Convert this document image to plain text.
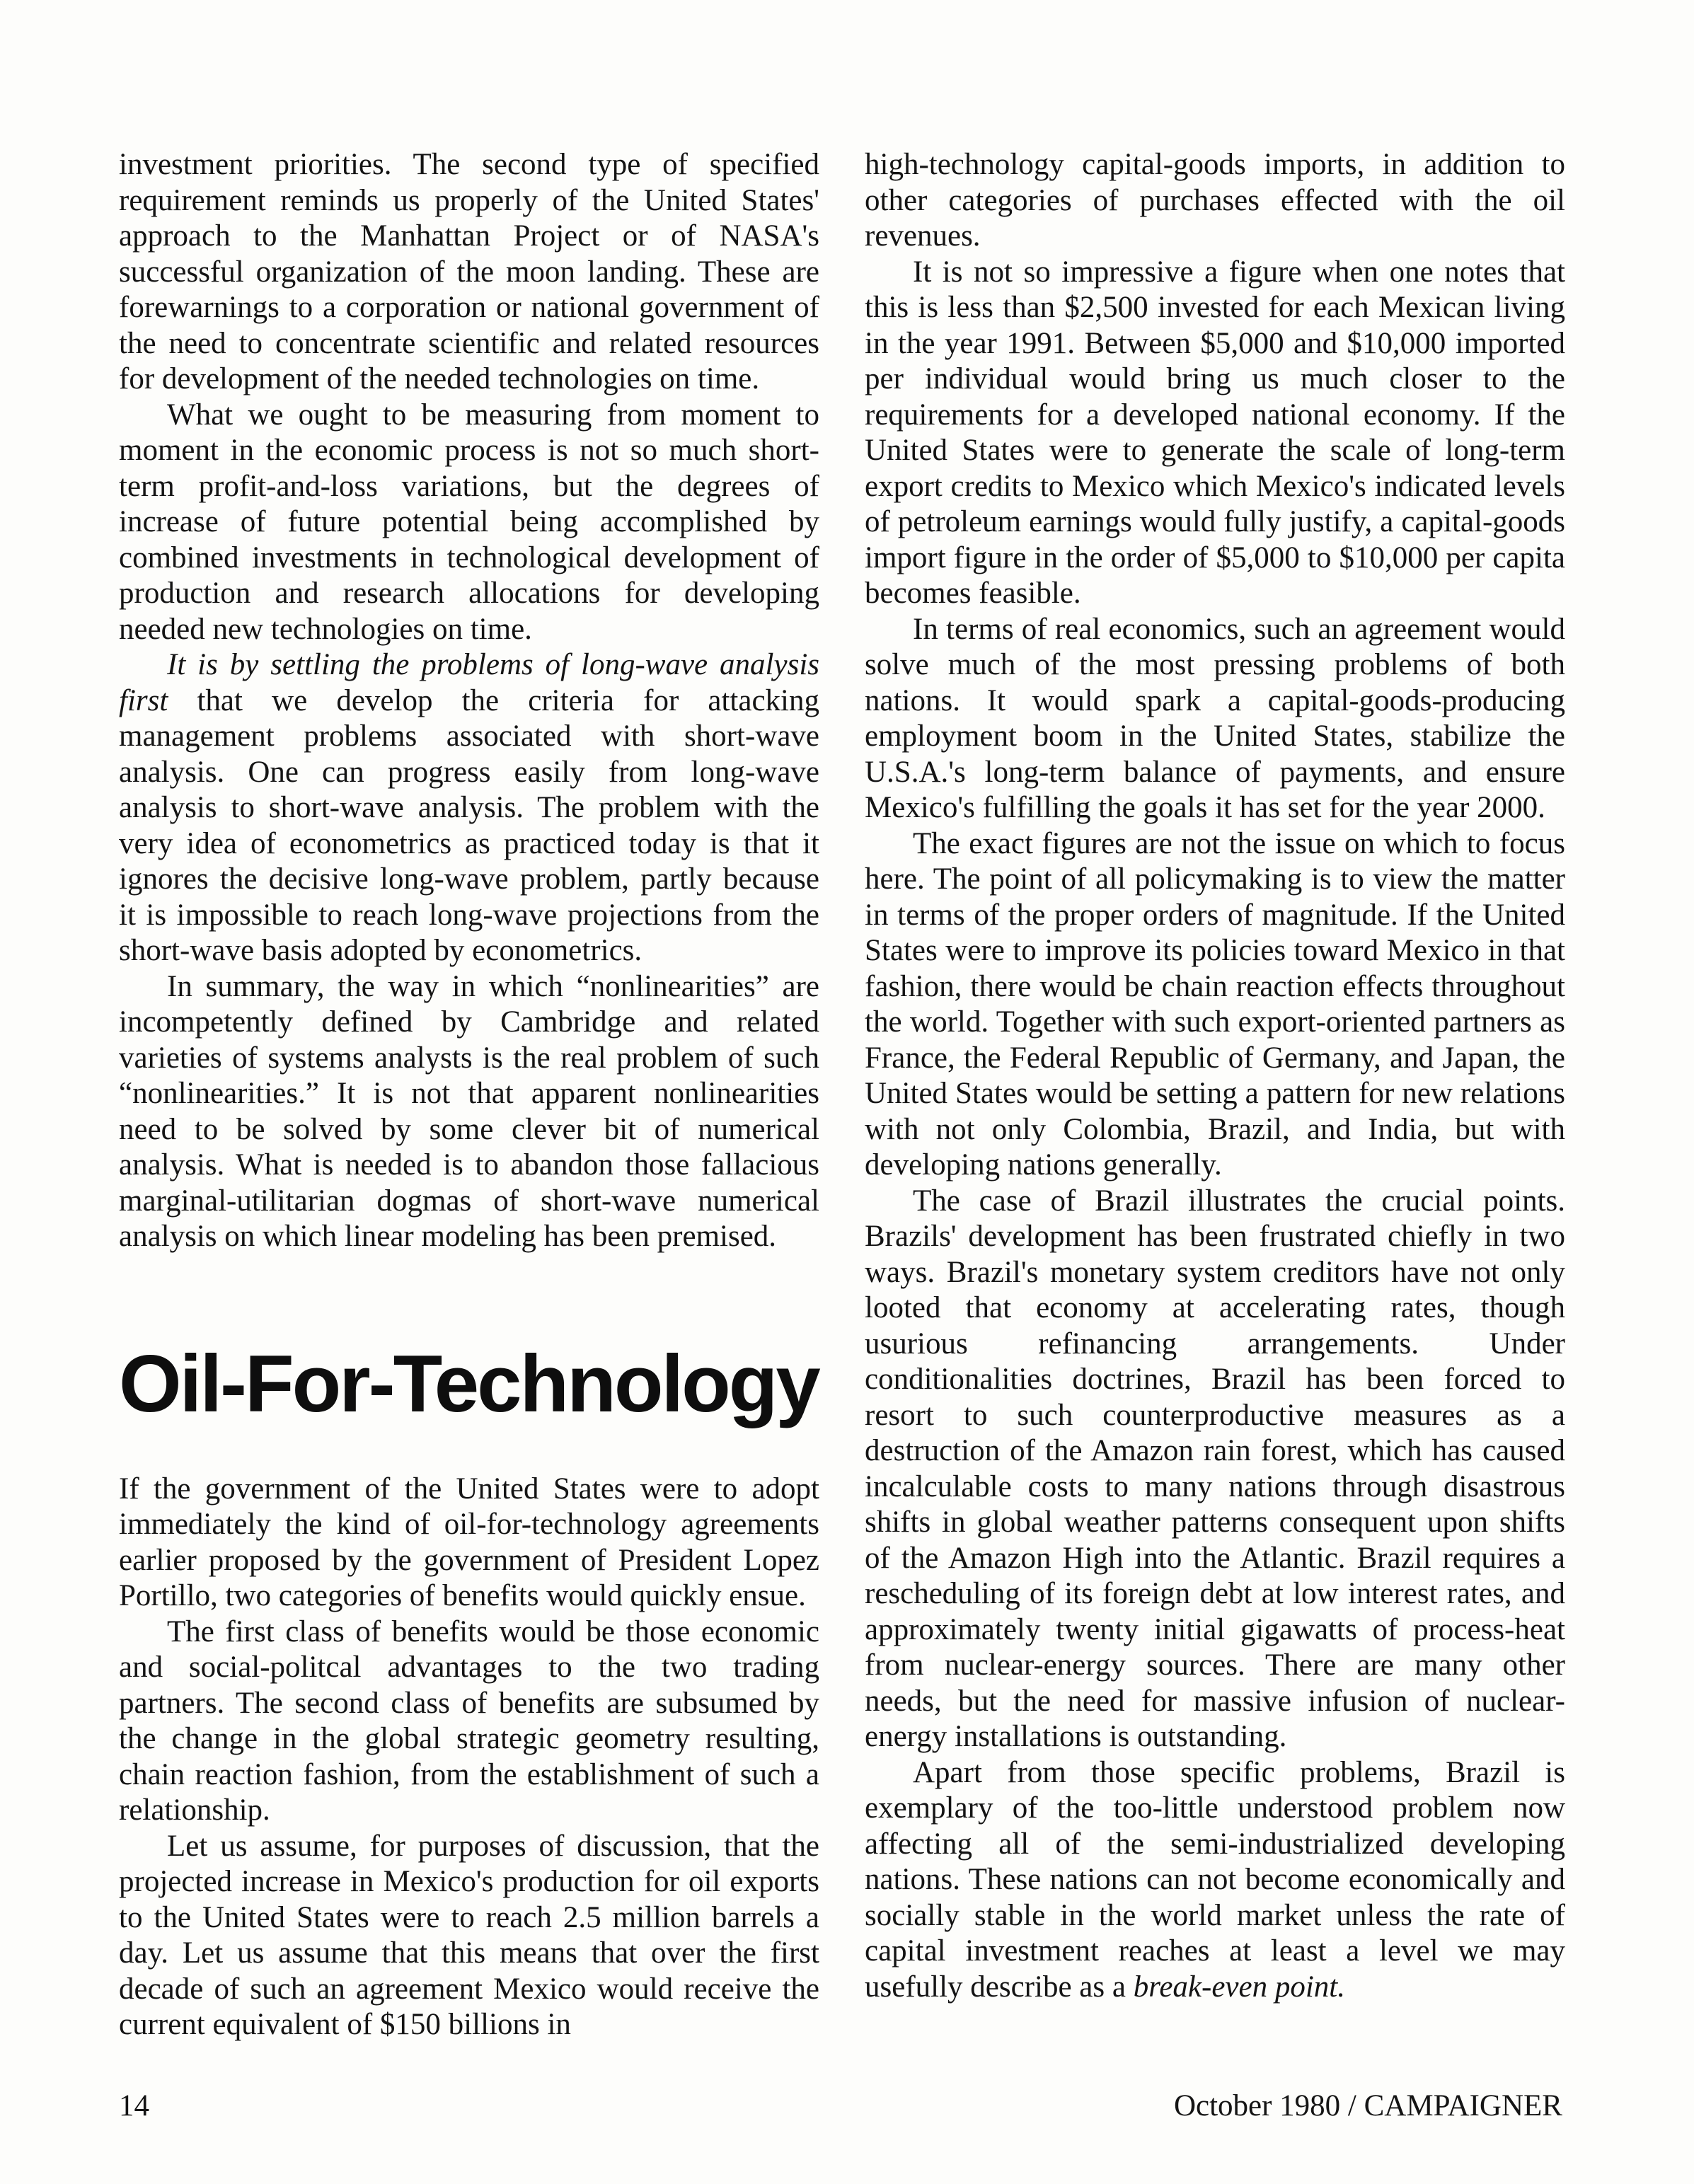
investment priorities. The second type of specified requirement reminds us properly of the United States' approach to the Manhattan Project or of NASA's successful organization of the moon landing. These are forewarnings to a corporation or national government of the need to concentrate scientific and related resources for development of the needed technologies on time.

What we ought to be measuring from moment to moment in the economic process is not so much short-term profit-and-loss variations, but the degrees of increase of future potential being accomplished by combined investments in technological development of production and research allocations for developing needed new technologies on time.

It is by settling the problems of long-wave analysis first that we develop the criteria for attacking management problems associated with short-wave analysis. One can progress easily from long-wave analysis to short-wave analysis. The problem with the very idea of econometrics as practiced today is that it ignores the decisive long-wave problem, partly because it is impossible to reach long-wave projections from the short-wave basis adopted by econometrics.

In summary, the way in which “nonlinearities” are incompetently defined by Cambridge and related varieties of systems analysts is the real problem of such “nonlinearities.” It is not that apparent nonlinearities need to be solved by some clever bit of numerical analysis. What is needed is to abandon those fallacious marginal-utilitarian dogmas of short-wave numerical analysis on which linear modeling has been premised.

Oil-For-Technology

If the government of the United States were to adopt immediately the kind of oil-for-technology agreements earlier proposed by the government of President Lopez Portillo, two categories of benefits would quickly ensue.

The first class of benefits would be those economic and social-politcal advantages to the two trading partners. The second class of benefits are subsumed by the change in the global strategic geometry resulting, chain reaction fashion, from the establishment of such a relationship.

Let us assume, for purposes of discussion, that the projected increase in Mexico's production for oil exports to the United States were to reach 2.5 million barrels a day. Let us assume that this means that over the first decade of such an agreement Mexico would receive the current equivalent of $150 billions in

high-technology capital-goods imports, in addition to other categories of purchases effected with the oil revenues.

It is not so impressive a figure when one notes that this is less than $2,500 invested for each Mexican living in the year 1991. Between $5,000 and $10,000 imported per individual would bring us much closer to the requirements for a developed national economy. If the United States were to generate the scale of long-term export credits to Mexico which Mexico's indicated levels of petroleum earnings would fully justify, a capital-goods import figure in the order of $5,000 to $10,000 per capita becomes feasible.

In terms of real economics, such an agreement would solve much of the most pressing problems of both nations. It would spark a capital-goods-producing employment boom in the United States, stabilize the U.S.A.'s long-term balance of payments, and ensure Mexico's fulfilling the goals it has set for the year 2000.

The exact figures are not the issue on which to focus here. The point of all policymaking is to view the matter in terms of the proper orders of magnitude. If the United States were to improve its policies toward Mexico in that fashion, there would be chain reaction effects throughout the world. Together with such export-oriented partners as France, the Federal Republic of Germany, and Japan, the United States would be setting a pattern for new relations with not only Colombia, Brazil, and India, but with developing nations generally.

The case of Brazil illustrates the crucial points. Brazils' development has been frustrated chiefly in two ways. Brazil's monetary system creditors have not only looted that economy at accelerating rates, though usurious refinancing arrangements. Under conditionalities doctrines, Brazil has been forced to resort to such counterproductive measures as a destruction of the Amazon rain forest, which has caused incalculable costs to many nations through disastrous shifts in global weather patterns consequent upon shifts of the Amazon High into the Atlantic. Brazil requires a rescheduling of its foreign debt at low interest rates, and approximately twenty initial gigawatts of process-heat from nuclear-energy sources. There are many other needs, but the need for massive infusion of nuclear-energy installations is outstanding.

Apart from those specific problems, Brazil is exemplary of the too-little understood problem now affecting all of the semi-industrialized developing nations. These nations can not become economically and socially stable in the world market unless the rate of capital investment reaches at least a level we may usefully describe as a break-even point.

14	October 1980 / CAMPAIGNER
